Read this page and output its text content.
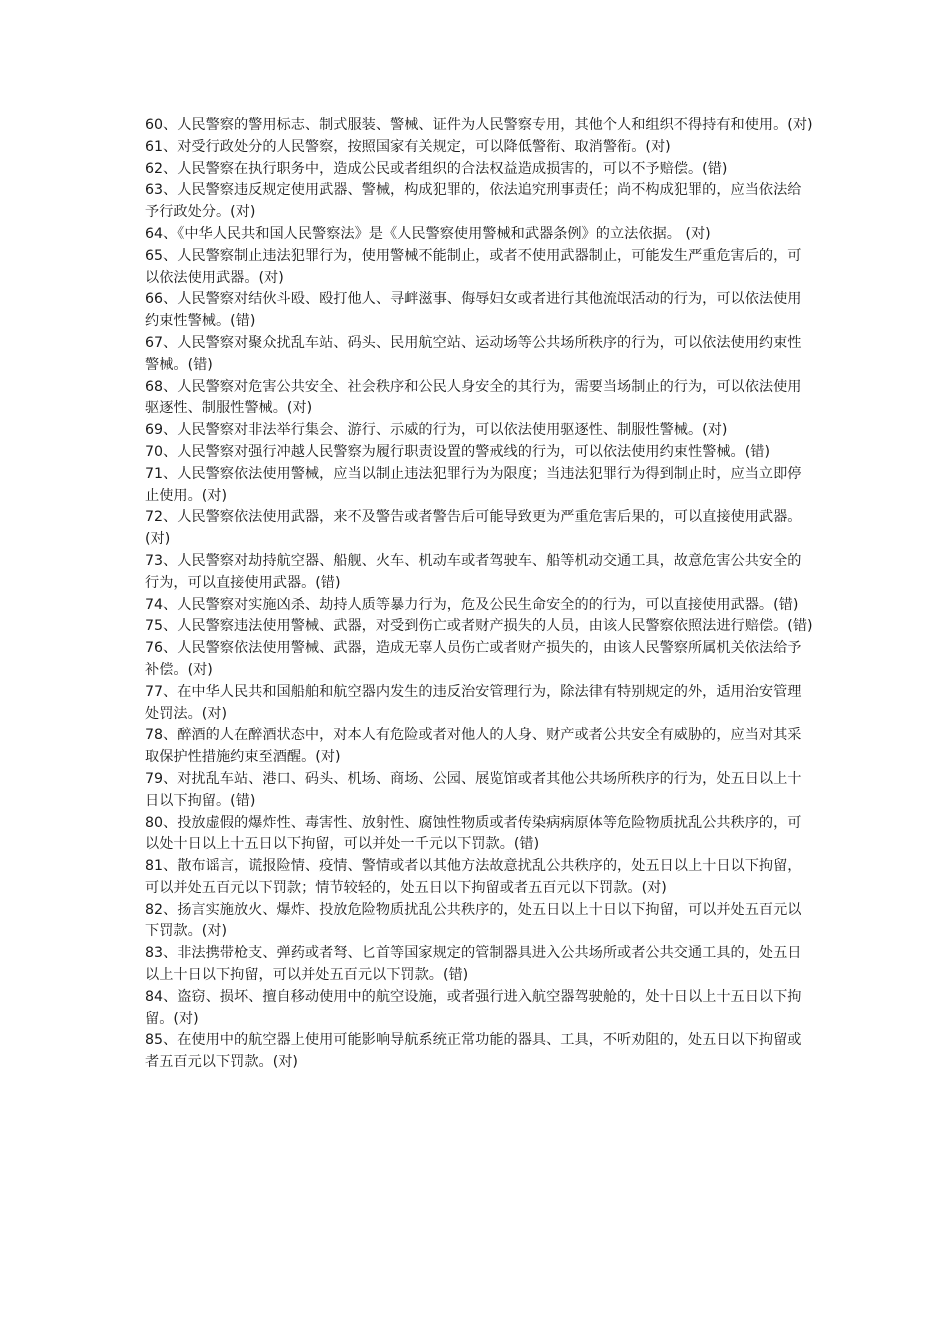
60、人民警察的警用标志、制式服装、警械、证件为人民警察专用，其他个人和组织不得持有和使用。(对)

61、对受行政处分的人民警察，按照国家有关规定，可以降低警衔、取消警衔。(对)

62、人民警察在执行职务中，造成公民或者组织的合法权益造成损害的，可以不予赔偿。(错)

63、人民警察违反规定使用武器、警械，构成犯罪的，依法追究刑事责任；尚不构成犯罪的，应当依法给予行政处分。(对)

64、《中华人民共和国人民警察法》是《人民警察使用警械和武器条例》的立法依据。 (对)

65、人民警察制止违法犯罪行为，使用警械不能制止，或者不使用武器制止，可能发生严重危害后的，可以依法使用武器。(对)

66、人民警察对结伙斗殴、殴打他人、寻衅滋事、侮辱妇女或者进行其他流氓活动的行为，可以依法使用约束性警械。(错)

67、人民警察对聚众扰乱车站、码头、民用航空站、运动场等公共场所秩序的行为，可以依法使用约束性警械。(错)

68、人民警察对危害公共安全、社会秩序和公民人身安全的其行为，需要当场制止的行为，可以依法使用驱逐性、制服性警械。(对)

69、人民警察对非法举行集会、游行、示威的行为，可以依法使用驱逐性、制服性警械。(对)

70、人民警察对强行冲越人民警察为履行职责设置的警戒线的行为，可以依法使用约束性警械。(错)

71、人民警察依法使用警械，应当以制止违法犯罪行为为限度；当违法犯罪行为得到制止时，应当立即停止使用。(对)

72、人民警察依法使用武器，来不及警告或者警告后可能导致更为严重危害后果的，可以直接使用武器。(对)

73、人民警察对劫持航空器、船舰、火车、机动车或者驾驶车、船等机动交通工具，故意危害公共安全的行为，可以直接使用武器。(错)

74、人民警察对实施凶杀、劫持人质等暴力行为，危及公民生命安全的的行为，可以直接使用武器。(错)

75、人民警察违法使用警械、武器，对受到伤亡或者财产损失的人员，由该人民警察依照法进行赔偿。(错)

76、人民警察依法使用警械、武器，造成无辜人员伤亡或者财产损失的，由该人民警察所属机关依法给予补偿。(对)

77、在中华人民共和国船舶和航空器内发生的违反治安管理行为，除法律有特别规定的外，适用治安管理处罚法。(对)

78、醉酒的人在醉酒状态中，对本人有危险或者对他人的人身、财产或者公共安全有威胁的，应当对其采取保护性措施约束至酒醒。(对)

79、对扰乱车站、港口、码头、机场、商场、公园、展览馆或者其他公共场所秩序的行为，处五日以上十日以下拘留。(错)

80、投放虚假的爆炸性、毒害性、放射性、腐蚀性物质或者传染病病原体等危险物质扰乱公共秩序的，可以处十日以上十五日以下拘留，可以并处一千元以下罚款。(错)

81、散布谣言，谎报险情、疫情、警情或者以其他方法故意扰乱公共秩序的，处五日以上十日以下拘留，可以并处五百元以下罚款；情节较轻的，处五日以下拘留或者五百元以下罚款。(对)

82、扬言实施放火、爆炸、投放危险物质扰乱公共秩序的，处五日以上十日以下拘留，可以并处五百元以下罚款。(对)

83、非法携带枪支、弹药或者弩、匕首等国家规定的管制器具进入公共场所或者公共交通工具的，处五日以上十日以下拘留，可以并处五百元以下罚款。(错)

84、盗窃、损坏、擅自移动使用中的航空设施，或者强行进入航空器驾驶舱的，处十日以上十五日以下拘留。(对)

85、在使用中的航空器上使用可能影响导航系统正常功能的器具、工具，不听劝阻的，处五日以下拘留或者五百元以下罚款。(对)
